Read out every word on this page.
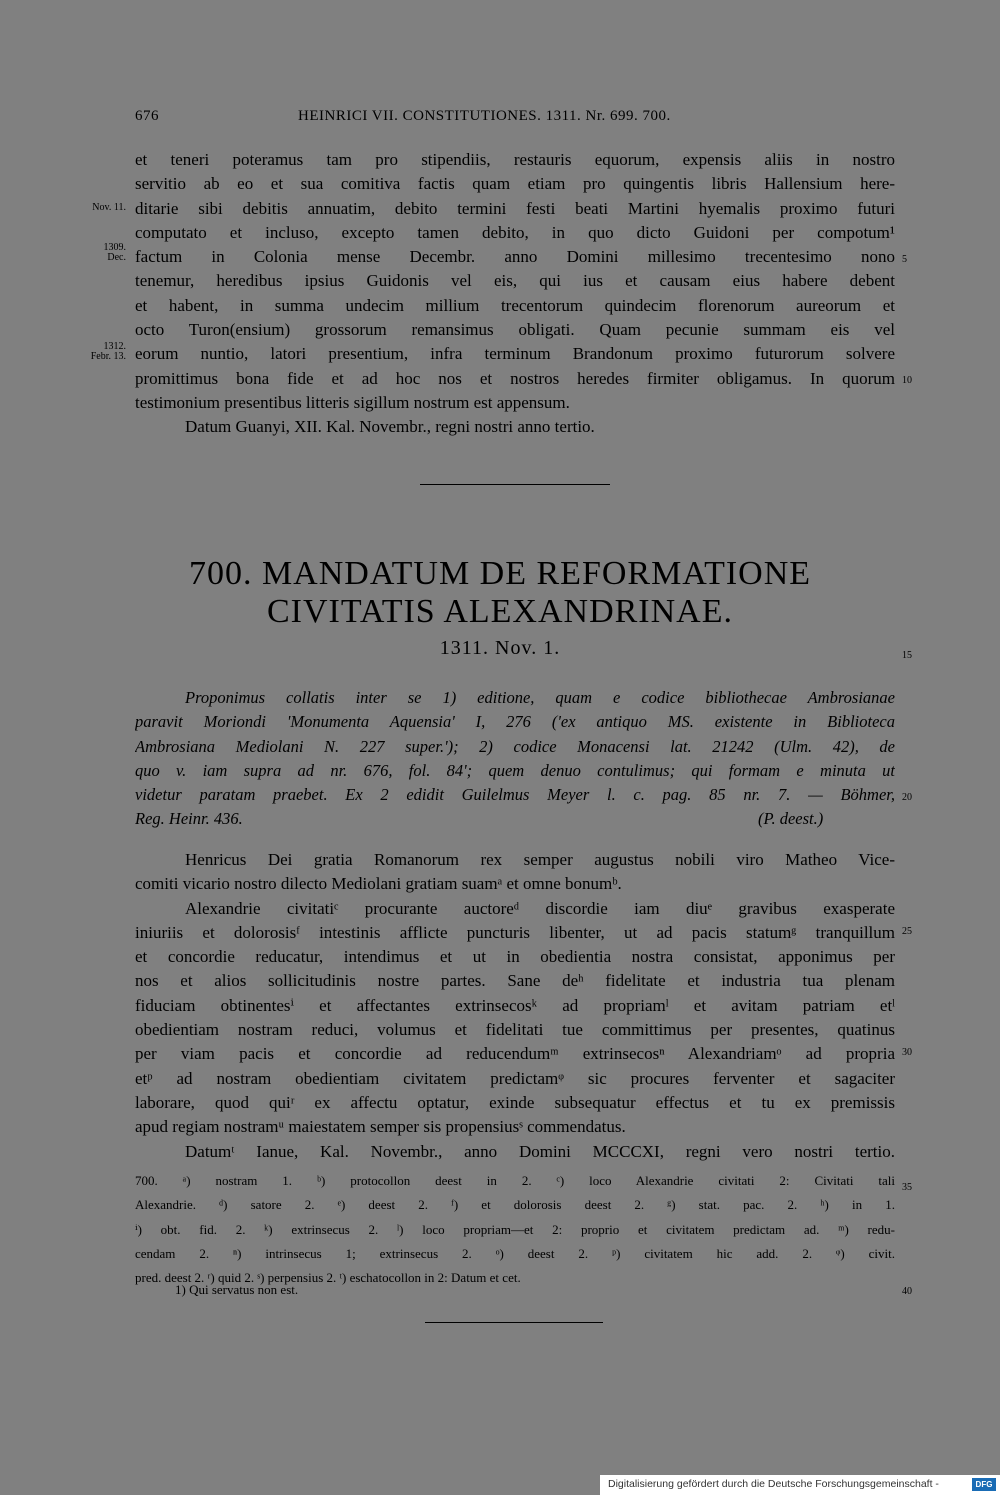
676	HEINRICI VII. CONSTITUTIONES. 1311. Nr. 699. 700.
et teneri poteramus tam pro stipendiis, restauris equorum, expensis aliis in nostro
servitio ab eo et sua comitiva factis quam etiam pro quingentis libris Hallensium here-
ditarie sibi debitis annuatim, debito termini festi beati Martini hyemalis proximo futuri
computato et incluso, excepto tamen debito, in quo dicto Guidoni per compotum¹
factum in Colonia mense Decembr. anno Domini millesimo trecentesimo nono
tenemur, heredibus ipsius Guidonis vel eis, qui ius et causam eius habere debent
et habent, in summa undecim millium trecentorum quindecim florenorum aureorum et
octo Turon(ensium) grossorum remansimus obligati. Quam pecunie summam eis vel
eorum nuntio, latori presentium, infra terminum Brandonum proximo futurorum solvere
promittimus bona fide et ad hoc nos et nostros heredes firmiter obligamus. In quorum
testimonium presentibus litteris sigillum nostrum est appensum.
Datum Guanyi, XII. Kal. Novembr., regni nostri anno tertio.
Nov. 11.
1309.
Dec.
1312.
Febr. 13.
5
10
700. MANDATUM DE REFORMATIONE
CIVITATIS ALEXANDRINAE.
1311. Nov. 1.	15
Proponimus collatis inter se 1) editione, quam e codice bibliothecae Ambrosianae
paravit Moriondi 'Monumenta Aquensia' I, 276 ('ex antiquo MS. existente in Biblioteca
Ambrosiana Mediolani N. 227 super.'); 2) codice Monacensi lat. 21242 (Ulm. 42), de
quo v. iam supra ad nr. 676, fol. 84'; quem denuo contulimus; qui formam e minuta ut
videtur paratam praebet. Ex 2 edidit Guilelmus Meyer l. c. pag. 85 nr. 7. — Böhmer,
Reg. Heinr. 436.	(P. deest.)
20
Henricus Dei gratia Romanorum rex semper augustus nobili viro Matheo Vice-
comiti vicario nostro dilecto Mediolani gratiam suamᵃ et omne bonumᵇ.
Alexandrie civitatiᶜ procurante auctoreᵈ discordie iam diuᵉ gravibus exasperate
iniuriis et dolorosisᶠ intestinis afflicte puncturis libenter, ut ad pacis statumᵍ tranquillum
et concordie reducatur, intendimus et ut in obedientia nostra consistat, apponimus per
nos et alios sollicitudinis nostre partes. Sane deʰ fidelitate et industria tua plenam
fiduciam obtinentesⁱ et affectantes extrinsecosᵏ ad propriamˡ et avitam patriam etˡ
obedientiam nostram reduci, volumus et fidelitati tue committimus per presentes, quatinus
per viam pacis et concordie ad reducendumᵐ extrinsecosⁿ Alexandriamᵒ ad propria
etᵖ ad nostram obedientiam civitatem predictamᵠ sic procures ferventer et sagaciter
laborare, quod quiʳ ex affectu optatur, exinde subsequatur effectus et tu ex premissis
apud regiam nostramᵘ maiestatem semper sis propensiusˢ commendatus.
Datumᵗ Ianue, Kal. Novembr., anno Domini MCCCXI, regni vero nostri tertio.
25
30
700. ᵃ) nostram 1. ᵇ) protocollon deest in 2. ᶜ) loco Alexandrie civitati 2: Civitati tali
Alexandrie. ᵈ) satore 2. ᵉ) deest 2. ᶠ) et dolorosis deest 2. ᵍ) stat. pac. 2. ʰ) in 1.
ⁱ) obt. fid. 2. ᵏ) extrinsecus 2. ˡ) loco propriam—et 2: proprio et civitatem predictam ad. ᵐ) redu-
cendam 2. ⁿ) intrinsecus 1; extrinsecus 2. ᵒ) deest 2. ᵖ) civitatem hic add. 2. ᵠ) civit.
pred. deest 2. ʳ) quid 2. ˢ) perpensius 2. ᵗ) eschatocollon in 2: Datum et cet.
35
1) Qui servatus non est.	40
Digitalisierung gefördert durch die Deutsche Forschungsgemeinschaft -	DFG
